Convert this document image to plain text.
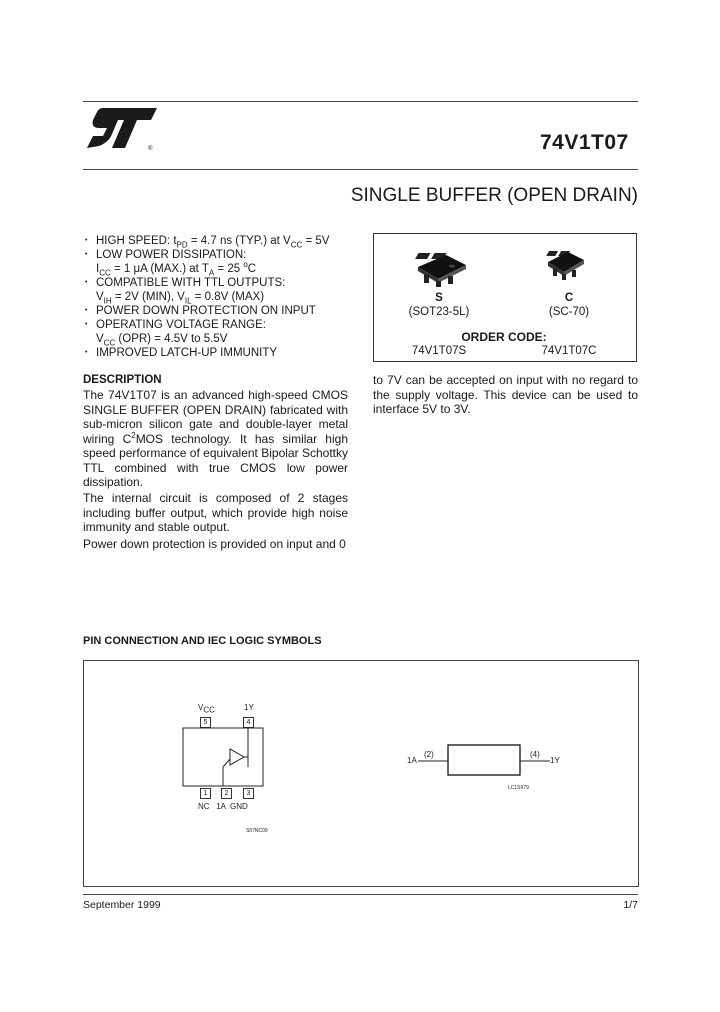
®	74V1T07
SINGLE BUFFER (OPEN DRAIN)
• HIGH SPEED: $t_{PD} = 4.7$ ns (TYP.) at $V_{CC} = 5V$
• LOW POWER DISSIPATION:
$I_{CC} = 1$ μA (MAX.) at $T_A = 25$ $^o$C
• COMPATIBLE WITH TTL OUTPUTS:
$V_{IH} = 2V$ (MIN), $V_{IL} = 0.8V$ (MAX)
• POWER DOWN PROTECTION ON INPUT
• OPERATING VOLTAGE RANGE:
$V_{CC}$ (OPR) = 4.5V to 5.5V
• IMPROVED LATCH-UP IMMUNITY
S
(SOT23-5L)
C
(SC-70)
ORDER CODE:
74V1T07S	74V1T07C
DESCRIPTION
The 74V1T07 is an advanced high-speed CMOS SINGLE BUFFER (OPEN DRAIN) fabricated with sub-micron silicon gate and double-layer metal wiring $C^2MOS$ technology. It has similar high speed performance of equivalent Bipolar Schottky TTL combined with true CMOS low power dissipation.
The internal circuit is composed of 2 stages including buffer output, which provide high noise immunity and stable output.
Power down protection is provided on input and 0
to 7V can be accepted on input with no regard to the supply voltage. This device can be used to interface 5V to 3V.
PIN CONNECTION AND IEC LOGIC SYMBOLS
$V_{CC}$	1Y
5	4
1	2	3
NC   1A  GND
S57NC09
1A
(2)	(4)
1Y
LC1S979
September 1999	1/7
